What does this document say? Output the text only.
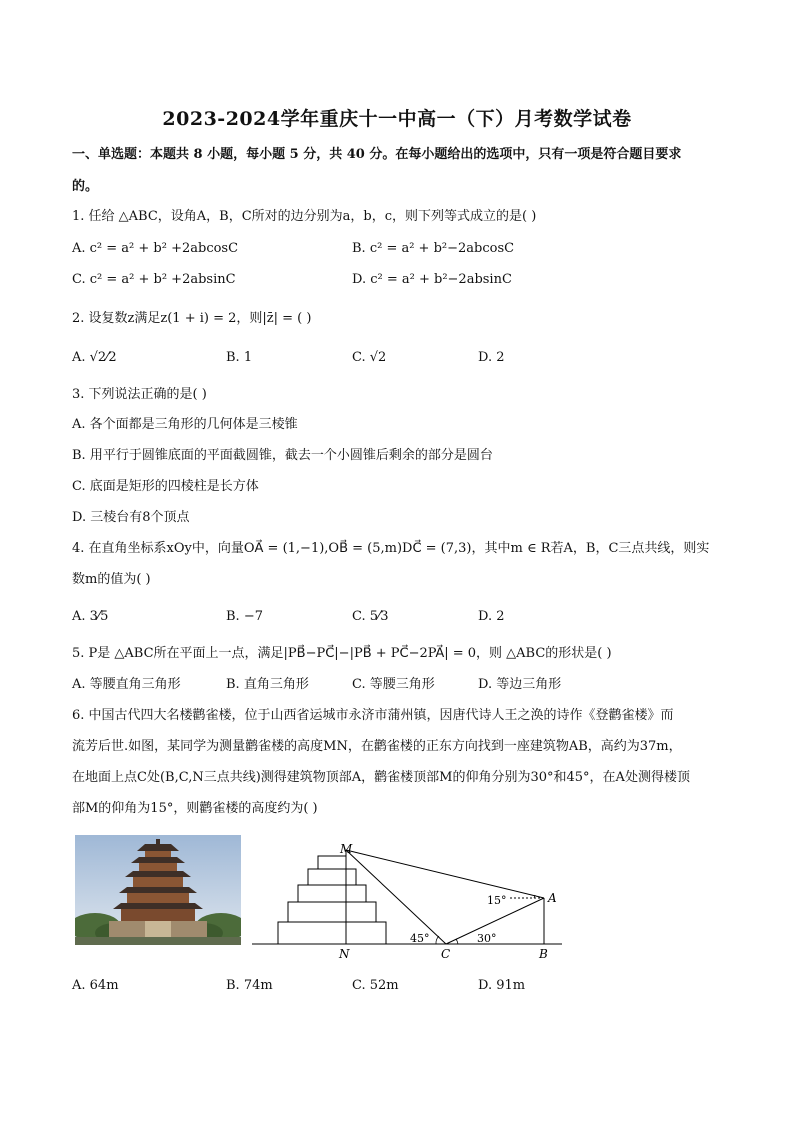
2023-2024学年重庆十一中高一（下）月考数学试卷
一、单选题：本题共 8 小题，每小题 5 分，共 40 分。在每小题给出的选项中，只有一项是符合题目要求
的。
1. 任给 △ABC，设角A，B，C所对的边分别为a，b，c，则下列等式成立的是( )
A. c² = a² + b² +2abcosC	B. c² = a² + b²−2abcosC
C. c² = a² + b² +2absinC	D. c² = a² + b²−2absinC
2. 设复数z满足z(1 + i) = 2，则|z̄| = ( )
A. √2⁄2	B. 1	C. √2	D. 2
3. 下列说法正确的是( )
A. 各个面都是三角形的几何体是三棱锥
B. 用平行于圆锥底面的平面截圆锥，截去一个小圆锥后剩余的部分是圆台
C. 底面是矩形的四棱柱是长方体
D. 三棱台有8个顶点
4. 在直角坐标系xOy中，向量OA⃗ = (1,−1),OB⃗ = (5,m)DC⃗ = (7,3)，其中m ∈ R若A，B，C三点共线，则实
数m的值为( )
A. 3⁄5	B. −7	C. 5⁄3	D. 2
5. P是 △ABC所在平面上一点，满足|PB⃗−PC⃗|−|PB⃗ + PC⃗−2PA⃗| = 0，则 △ABC的形状是( )
A. 等腰直角三角形	B. 直角三角形	C. 等腰三角形	D. 等边三角形
6. 中国古代四大名楼鹳雀楼，位于山西省运城市永济市蒲州镇，因唐代诗人王之涣的诗作《登鹳雀楼》而
流芳后世.如图，某同学为测量鹳雀楼的高度MN，在鹳雀楼的正东方向找到一座建筑物AB，高约为37m，
在地面上点C处(B,C,N三点共线)测得建筑物顶部A，鹳雀楼顶部M的仰角分别为30°和45°，在A处测得楼顶
部M的仰角为15°，则鹳雀楼的高度约为( )
M
N	C	B
A
15°
45°	30°
A. 64m	B. 74m	C. 52m	D. 91m
